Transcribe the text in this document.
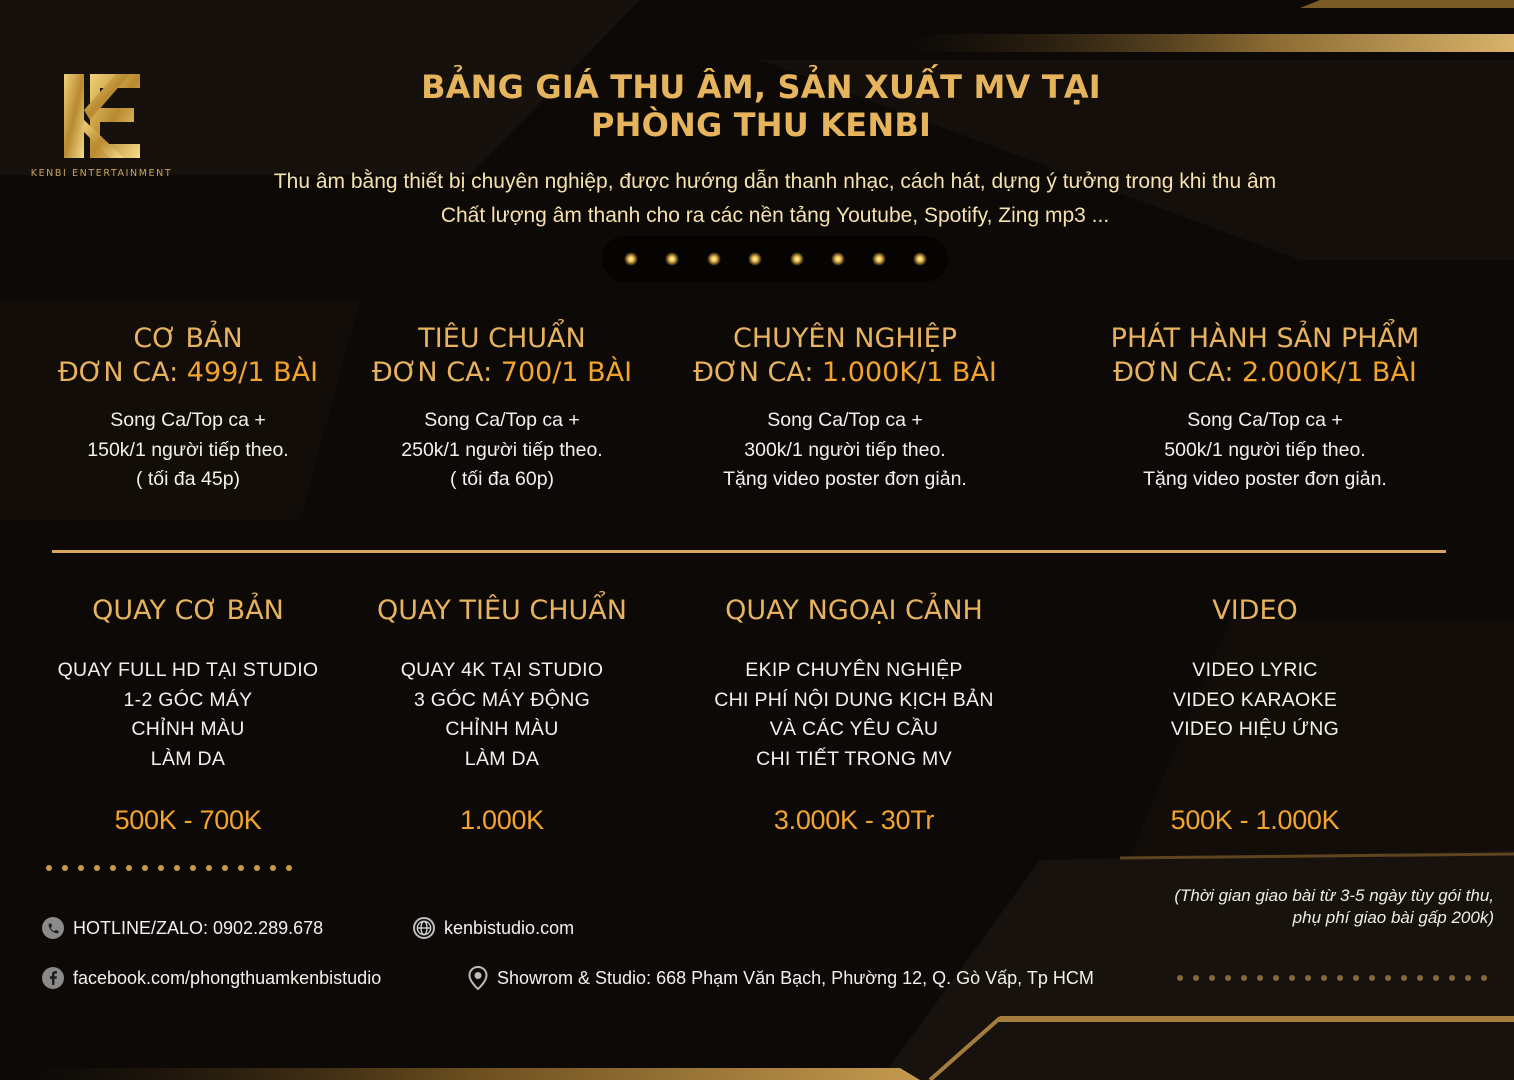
KENBI ENTERTAINMENT
BẢNG GIÁ THU ÂM, SẢN XUẤT MV TẠI
PHÒNG THU KENBI
Thu âm bằng thiết bị chuyên nghiệp, được hướng dẫn thanh nhạc, cách hát, dựng ý tưởng trong khi thu âm
Chất lượng âm thanh cho ra các nền tảng Youtube, Spotify, Zing mp3 ...
CƠ BẢN
ĐƠN CA: 499/1 BÀI
Song Ca/Top ca +
150k/1 người tiếp theo.
( tối đa 45p)
TIÊU CHUẨN
ĐƠN CA: 700/1 BÀI
Song Ca/Top ca +
250k/1 người tiếp theo.
( tối đa 60p)
CHUYÊN NGHIỆP
ĐƠN CA: 1.000K/1 BÀI
Song Ca/Top ca +
300k/1 người tiếp theo.
Tặng video poster đơn giản.
PHÁT HÀNH SẢN PHẨM
ĐƠN CA: 2.000K/1 BÀI
Song Ca/Top ca +
500k/1 người tiếp theo.
Tặng video poster đơn giản.
QUAY CƠ BẢN
QUAY FULL HD TẠI STUDIO
1-2 GÓC MÁY
CHỈNH MÀU
LÀM DA
500K - 700K
QUAY TIÊU CHUẨN
QUAY 4K TẠI STUDIO
3 GÓC MÁY ĐỘNG
CHỈNH MÀU
LÀM DA
1.000K
QUAY NGOẠI CẢNH
EKIP CHUYÊN NGHIỆP
CHI PHÍ NỘI DUNG KỊCH BẢN
VÀ CÁC YÊU CẦU
CHI TIẾT TRONG MV
3.000K - 30Tr
VIDEO
VIDEO LYRIC
VIDEO KARAOKE
VIDEO HIỆU ỨNG
500K - 1.000K
(Thời gian giao bài từ 3-5 ngày tùy gói thu,
phụ phí giao bài gấp 200k)
HOTLINE/ZALO: 0902.289.678	kenbistudio.com
facebook.com/phongthuamkenbistudio	Showrom & Studio: 668 Phạm Văn Bạch, Phường 12, Q. Gò Vấp, Tp HCM
